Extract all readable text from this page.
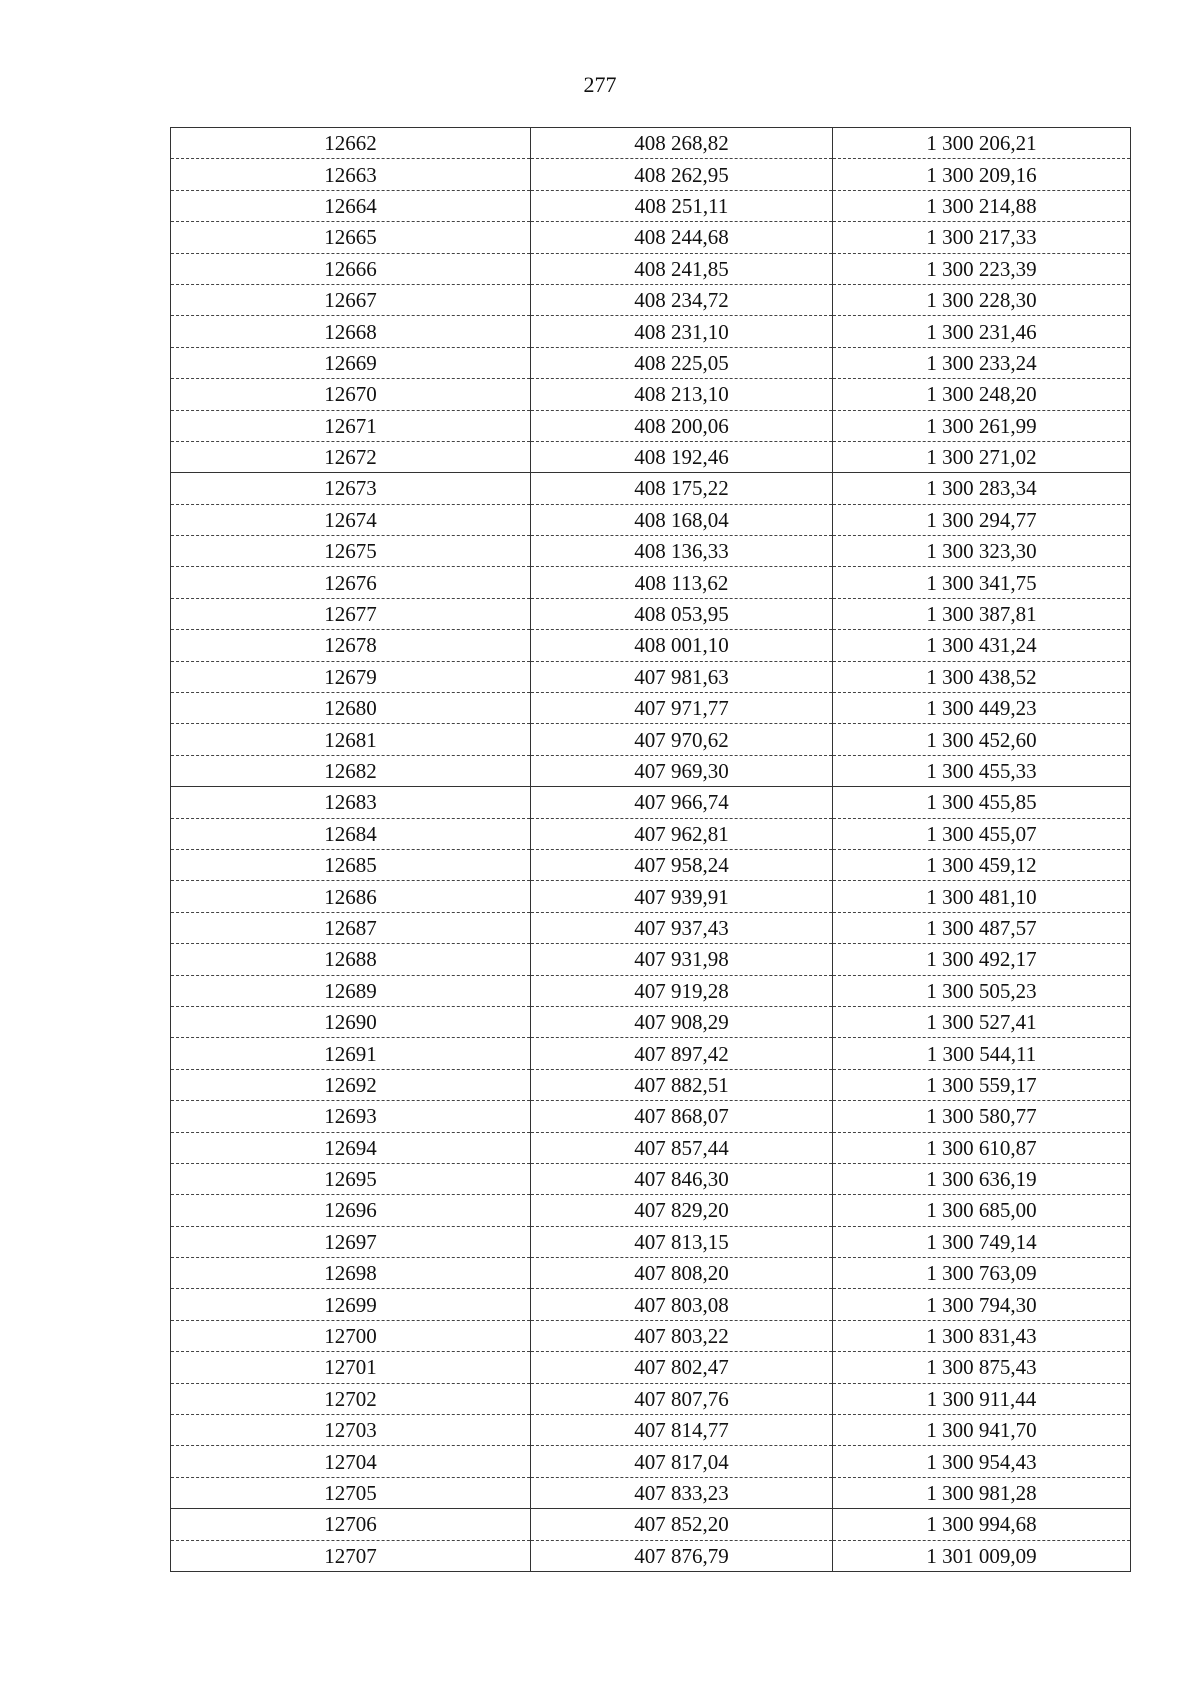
277
12662	408 268,82	1 300 206,21
12663	408 262,95	1 300 209,16
12664	408 251,11	1 300 214,88
12665	408 244,68	1 300 217,33
12666	408 241,85	1 300 223,39
12667	408 234,72	1 300 228,30
12668	408 231,10	1 300 231,46
12669	408 225,05	1 300 233,24
12670	408 213,10	1 300 248,20
12671	408 200,06	1 300 261,99
12672	408 192,46	1 300 271,02
12673	408 175,22	1 300 283,34
12674	408 168,04	1 300 294,77
12675	408 136,33	1 300 323,30
12676	408 113,62	1 300 341,75
12677	408 053,95	1 300 387,81
12678	408 001,10	1 300 431,24
12679	407 981,63	1 300 438,52
12680	407 971,77	1 300 449,23
12681	407 970,62	1 300 452,60
12682	407 969,30	1 300 455,33
12683	407 966,74	1 300 455,85
12684	407 962,81	1 300 455,07
12685	407 958,24	1 300 459,12
12686	407 939,91	1 300 481,10
12687	407 937,43	1 300 487,57
12688	407 931,98	1 300 492,17
12689	407 919,28	1 300 505,23
12690	407 908,29	1 300 527,41
12691	407 897,42	1 300 544,11
12692	407 882,51	1 300 559,17
12693	407 868,07	1 300 580,77
12694	407 857,44	1 300 610,87
12695	407 846,30	1 300 636,19
12696	407 829,20	1 300 685,00
12697	407 813,15	1 300 749,14
12698	407 808,20	1 300 763,09
12699	407 803,08	1 300 794,30
12700	407 803,22	1 300 831,43
12701	407 802,47	1 300 875,43
12702	407 807,76	1 300 911,44
12703	407 814,77	1 300 941,70
12704	407 817,04	1 300 954,43
12705	407 833,23	1 300 981,28
12706	407 852,20	1 300 994,68
12707	407 876,79	1 301 009,09
